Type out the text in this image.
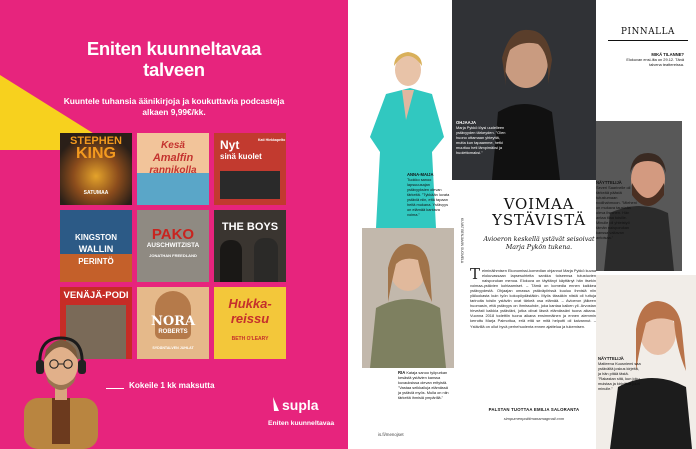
Eniten kuunneltavaa
talveen
Kuuntele tuhansia äänikirjoja ja koukuttavia podcasteja
alkaen 9,99€/kk.
STEPHEN
KING
SATUMAA
Kesä
Amalfin
rannikolla
Nyt
sinä kuolet
Kati Hiekkapelto
KINGSTON
WALLIN
PERINTÖ
PAKO
AUSCHWITZISTA
JONATHAN FREEDLAND
THE BOYS
VENÄJÄ-PODI
NORA
ROBERTS
SYDÄNTALVEN JUHLAT
Hukka-
reissu
BETH O'LEARY
Kokeile 1 kk maksutta
supla
Eniten kuunneltavaa
ANNA-MAIJA
Tuokko sanoo lapsuuusajan ystävyyksien olevan tärkeitä. "Tykkään luvata ystäviä niin, että tapaan heitä mukana. Ystävyys on elämää kantava voima."
OHJAAJA
Marja Pykkö löysi uudelleen ystävyyden tärkeyden. "Olen huono ottamaan yhteyttä, mutta kun tapaamme, hetki muuttuu heti lämpimäksi ja huolettomaksi."
RIA Kataja sanoo työpurkan kesästä ystävien kanssa kuvauksissa olevan erityistä. "Vastaa seikkailuja elämässä ja ystäviä myös. Mulla on niin tärkeitä ihmisiä ympärillä."
KUVAT BENJAMIN SUOMELA
VOIMAA
YSTÄVISTÄ
Avioeron keskellä ystävät seisoivat Marja Pykön tukena.
Teiminäihmisen Ekonomissi-komedian ohjannut Marja Pykkö kuvaa elokuvassaan lapsesuhteita sankka toiseensa tutustuvien naisporukan menoa. Elokuva on täyttänyt käyttänyt hän itsekin voimaa-ystävien kohtaamiset. – Tämä on komedia ennen kaikkea ystävyydestä. Ohjaajan omassa ystäväpiirissä kuuluu ihmisiä niin yläluokasta kuin työn kokopöydästäkin. Myös tässäkin niistä oli tuttuja tarinoita toisiin ystäviin ovat tärkeä osa elämää. – Avioeron jälkeen huomasin, että ystävyys on ihmissuhde, joka kantaa kaiken yli. Arvostan hirveästi kaikkia ystäviäni, jotka olivat läsnä elämässäni tuona aikana. Vuonna 2018 todettiin tuona aikana ensimmäinen ja ennen aiemmin kerrottu Marja Palmottua, eriä että se mitä helpotti oli kaivannut. – Ystävillä on ollut hyvä perhehuolenta ennen ajattelua ja tukemisen.
PALSTAN TUOTTAA EMILIA SALORANTA
simpumenpoiitimanamagmail.com
is.fi/menojset
PINNALLA
MIKÄ TILANNE?
Elokuvan ensi-ilta on 29.12. Tänä talvena teattereissa.
NÄYTTELIJÄ
Severi Saarinelle oli tärkeää päästä tutustumaan roolihahmoon. "Mieheni on mukava taustalla oleva ihminen. Hän antaa tilaa toisille. Minulle oli yhteistyö tämän naisporukan kanssa valtavan antoisaa."
NÄYTTELIJÄ
Matleena Kuusniemi saa ystävältä joskus kirjeitä, ja hän pitää tästä. "Rakastan sitä, kun joku muistaa ja kirjoittaa juuri minulle."
